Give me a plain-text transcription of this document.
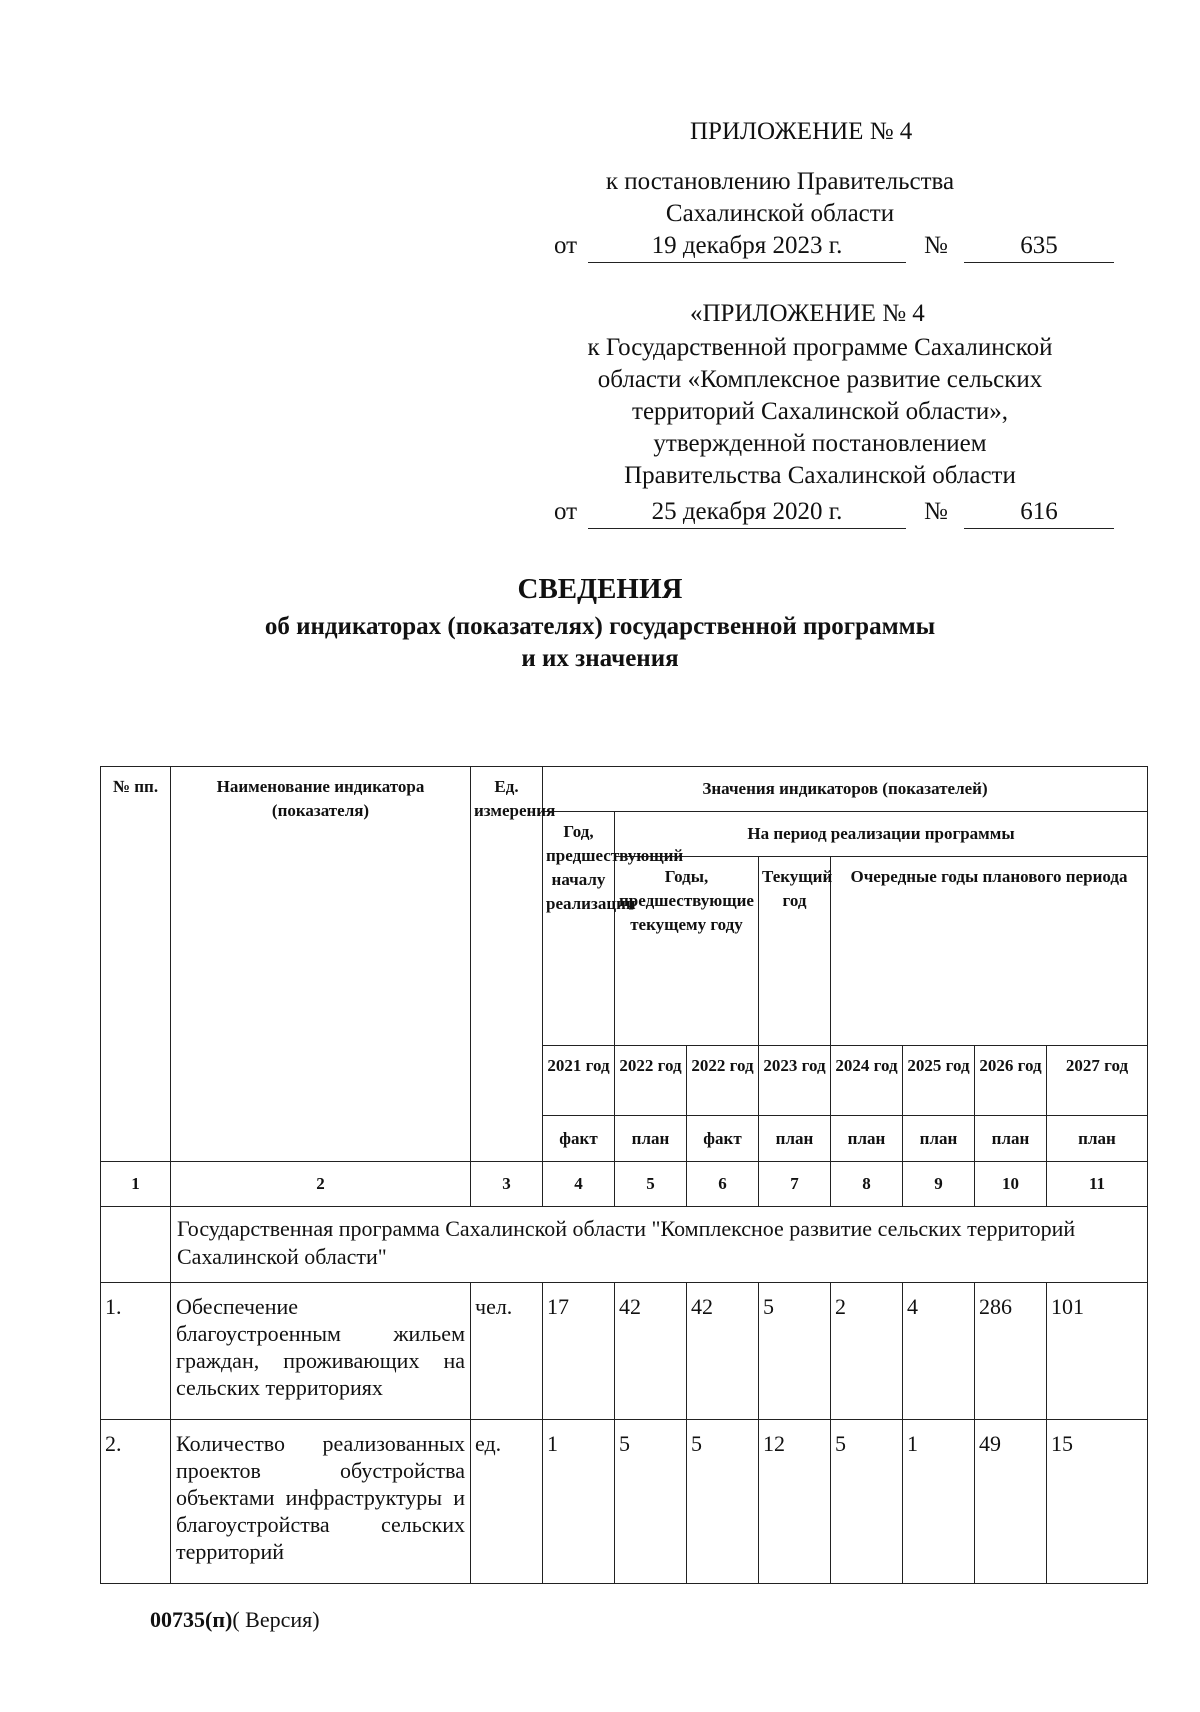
ПРИЛОЖЕНИЕ № 4
к постановлению Правительства
Сахалинской области
от	19 декабря 2023 г.	№	635
«ПРИЛОЖЕНИЕ № 4
к Государственной программе Сахалинской
области «Комплексное развитие сельских
территорий Сахалинской области»,
утвержденной постановлением
Правительства Сахалинской области
от	25 декабря 2020 г.	№	616
СВЕДЕНИЯ
об индикаторах (показателях) государственной программы
и их значения
№ пп.	Наименование индикатора (показателя)	Ед. измерения	Значения индикаторов (показателей)							
			Год, предшествующий началу реализации	На период реализации программы						
				Годы, предшествующие текущему году		Текущий год	Очередные годы планового периода			
			2021 год	2022 год	2022 год	2023 год	2024 год	2025 год	2026 год	2027 год
			факт	план	факт	план	план	план	план	план

1	2	3	4	5	6	7	8	9	10	11
	Государственная программа Сахалинской области "Комплексное развитие сельских территорий Сахалинской области"									
1.	Обеспечение благоустроенным жильем граждан, проживающих на сельских территориях	чел.	17	42	42	5	2	4	286	101
2.	Количество реализованных проектов обустройства объектами инфраструктуры и благоустройства сельских территорий	ед.	1	5	5	12	5	1	49	15
00735(п)( Версия)
